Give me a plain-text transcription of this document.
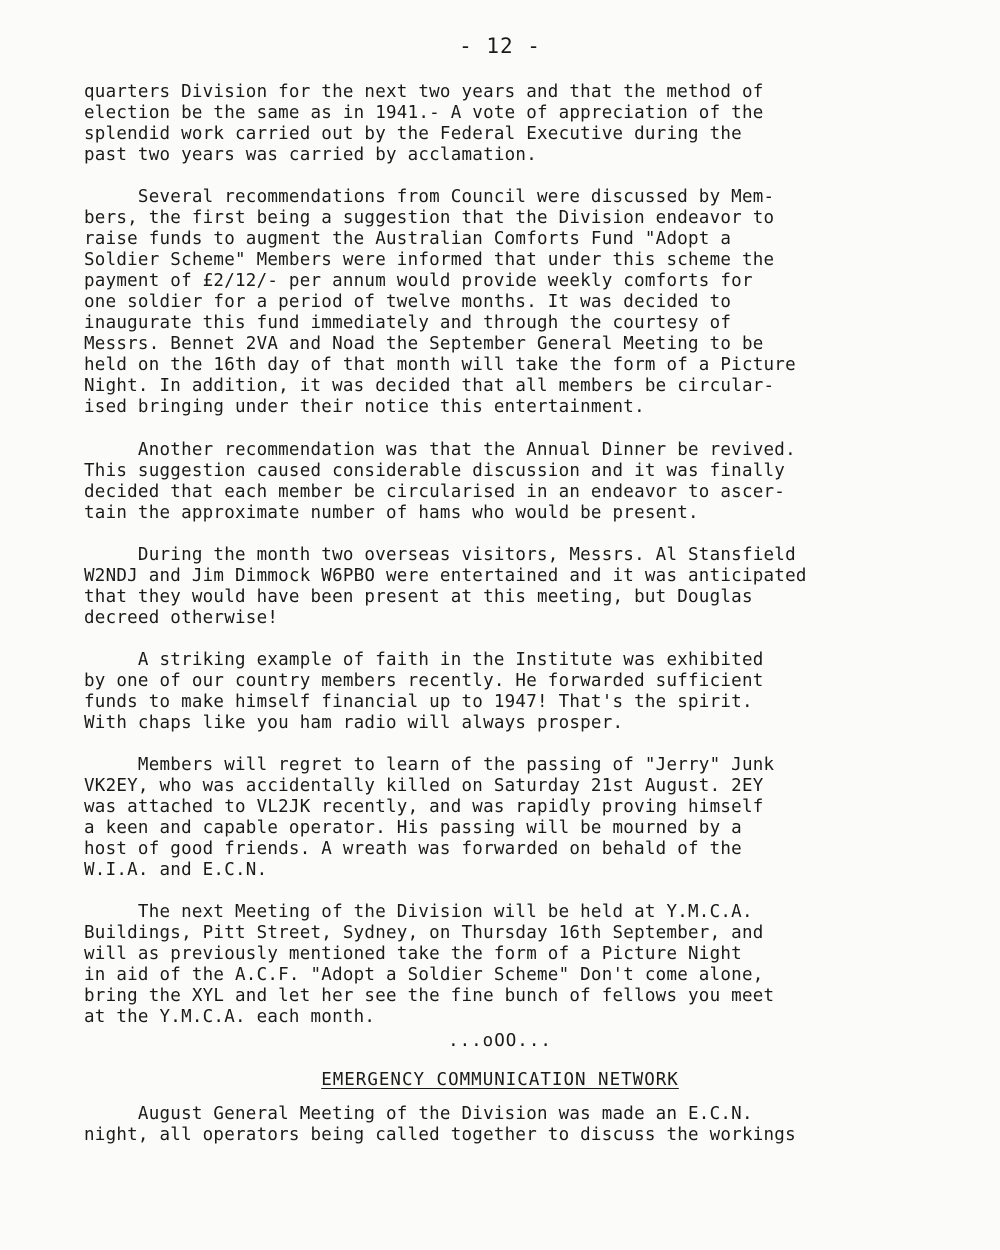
- 12 -
quarters Division for the next two years and that the method of
election be the same as in 1941.- A vote of appreciation of the
splendid work carried out by the Federal Executive during the
past two years was carried by acclamation.
Several recommendations from Council were discussed by Mem-
bers, the first being a suggestion that the Division endeavor to
raise funds to augment the Australian Comforts Fund "Adopt a
Soldier Scheme" Members were informed that under this scheme the
payment of £2/12/- per annum would provide weekly comforts for
one soldier for a period of twelve months. It was decided to
inaugurate this fund immediately and through the courtesy of
Messrs. Bennet 2VA and Noad the September General Meeting to be
held on the 16th day of that month will take the form of a Picture
Night. In addition, it was decided that all members be circular-
ised bringing under their notice this entertainment.
Another recommendation was that the Annual Dinner be revived.
This suggestion caused considerable discussion and it was finally
decided that each member be circularised in an endeavor to ascer-
tain the approximate number of hams who would be present.
During the month two overseas visitors, Messrs. Al Stansfield
W2NDJ and Jim Dimmock W6PBO were entertained and it was anticipated
that they would have been present at this meeting, but Douglas
decreed otherwise!
A striking example of faith in the Institute was exhibited
by one of our country members recently. He forwarded sufficient
funds to make himself financial up to 1947! That's the spirit.
With chaps like you ham radio will always prosper.
Members will regret to learn of the passing of "Jerry" Junk
VK2EY, who was accidentally killed on Saturday 21st August. 2EY
was attached to VL2JK recently, and was rapidly proving himself
a keen and capable operator. His passing will be mourned by a
host of good friends. A wreath was forwarded on behald of the
W.I.A. and E.C.N.
The next Meeting of the Division will be held at Y.M.C.A.
Buildings, Pitt Street, Sydney, on Thursday 16th September, and
will as previously mentioned take the form of a Picture Night
in aid of the A.C.F. "Adopt a Soldier Scheme" Don't come alone,
bring the XYL and let her see the fine bunch of fellows you meet
at the Y.M.C.A. each month.
...oOO...
EMERGENCY COMMUNICATION NETWORK
August General Meeting of the Division was made an E.C.N.
night, all operators being called together to discuss the workings
